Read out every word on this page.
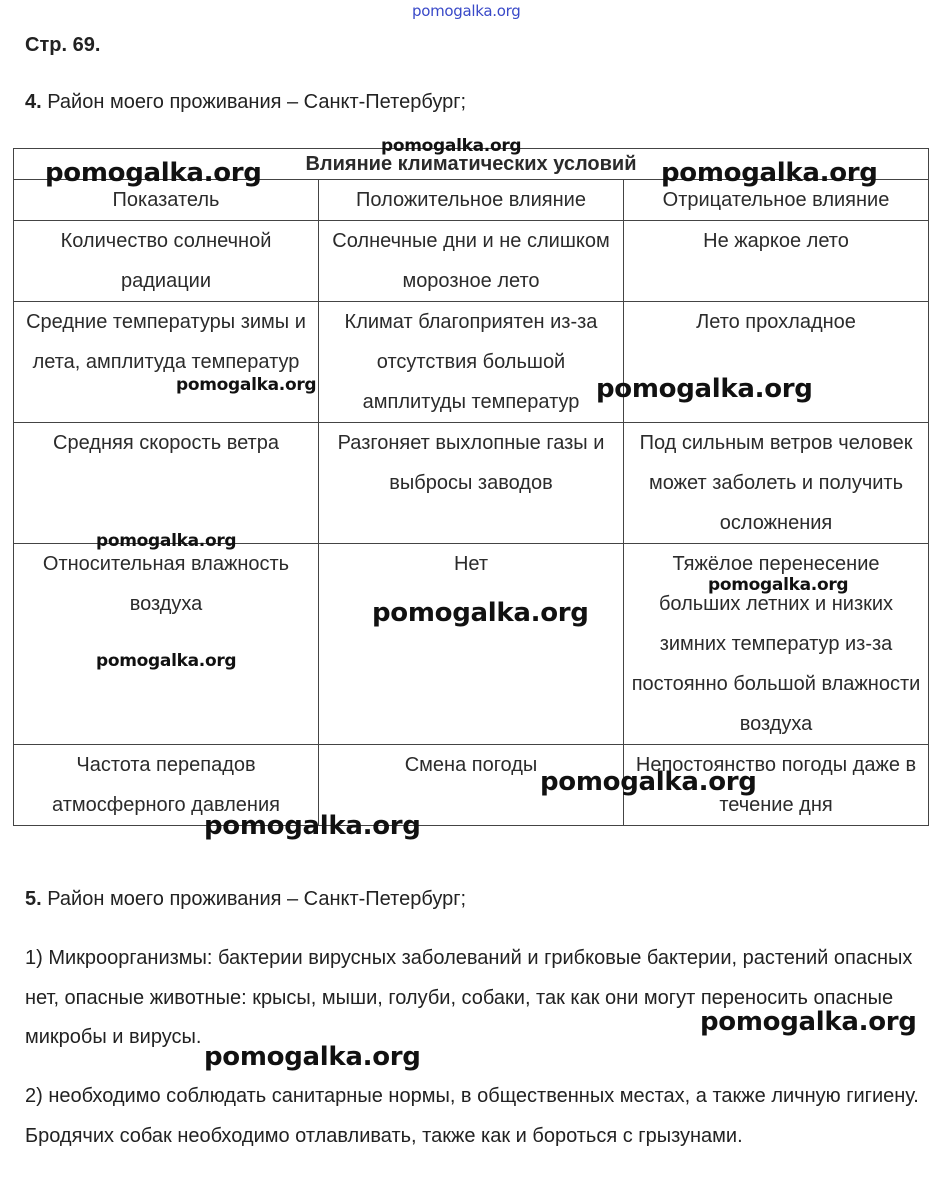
pomogalka.org
Стр. 69.
4. Район моего проживания – Санкт-Петербург;
Влияние климатических условий		
Показатель	Положительное влияние	Отрицательное влияние
Количество солнечной радиации	Солнечные дни и не слишком морозное лето	Не жаркое лето
Средние температуры зимы и лета, амплитуда температур	Климат благоприятен из-за отсутствия большой амплитуды температур	Лето прохладное
Средняя скорость ветра	Разгоняет выхлопные газы и выбросы заводов	Под сильным ветров человек может заболеть и получить осложнения
Относительная влажность воздуха	Нет	Тяжёлое перенесение больших летних и низких зимних температур из-за постоянно большой влажности воздуха
Частота перепадов атмосферного давления	Смена погоды	Непостоянство погоды даже в течение дня
5. Район моего проживания – Санкт-Петербург;
1) Микроорганизмы: бактерии вирусных заболеваний и грибковые бактерии, растений опасных нет, опасные животные: крысы, мыши, голуби, собаки, так как они могут переносить опасные микробы и вирусы.
2) необходимо соблюдать санитарные нормы, в общественных местах, а также личную гигиену. Бродячих собак необходимо отлавливать, также как и бороться с грызунами.
pomogalka.org
pomogalka.org	pomogalka.org
pomogalka.org	pomogalka.org
pomogalka.org
pomogalka.org
pomogalka.org
pomogalka.org
pomogalka.org
pomogalka.org
pomogalka.org
pomogalka.org
